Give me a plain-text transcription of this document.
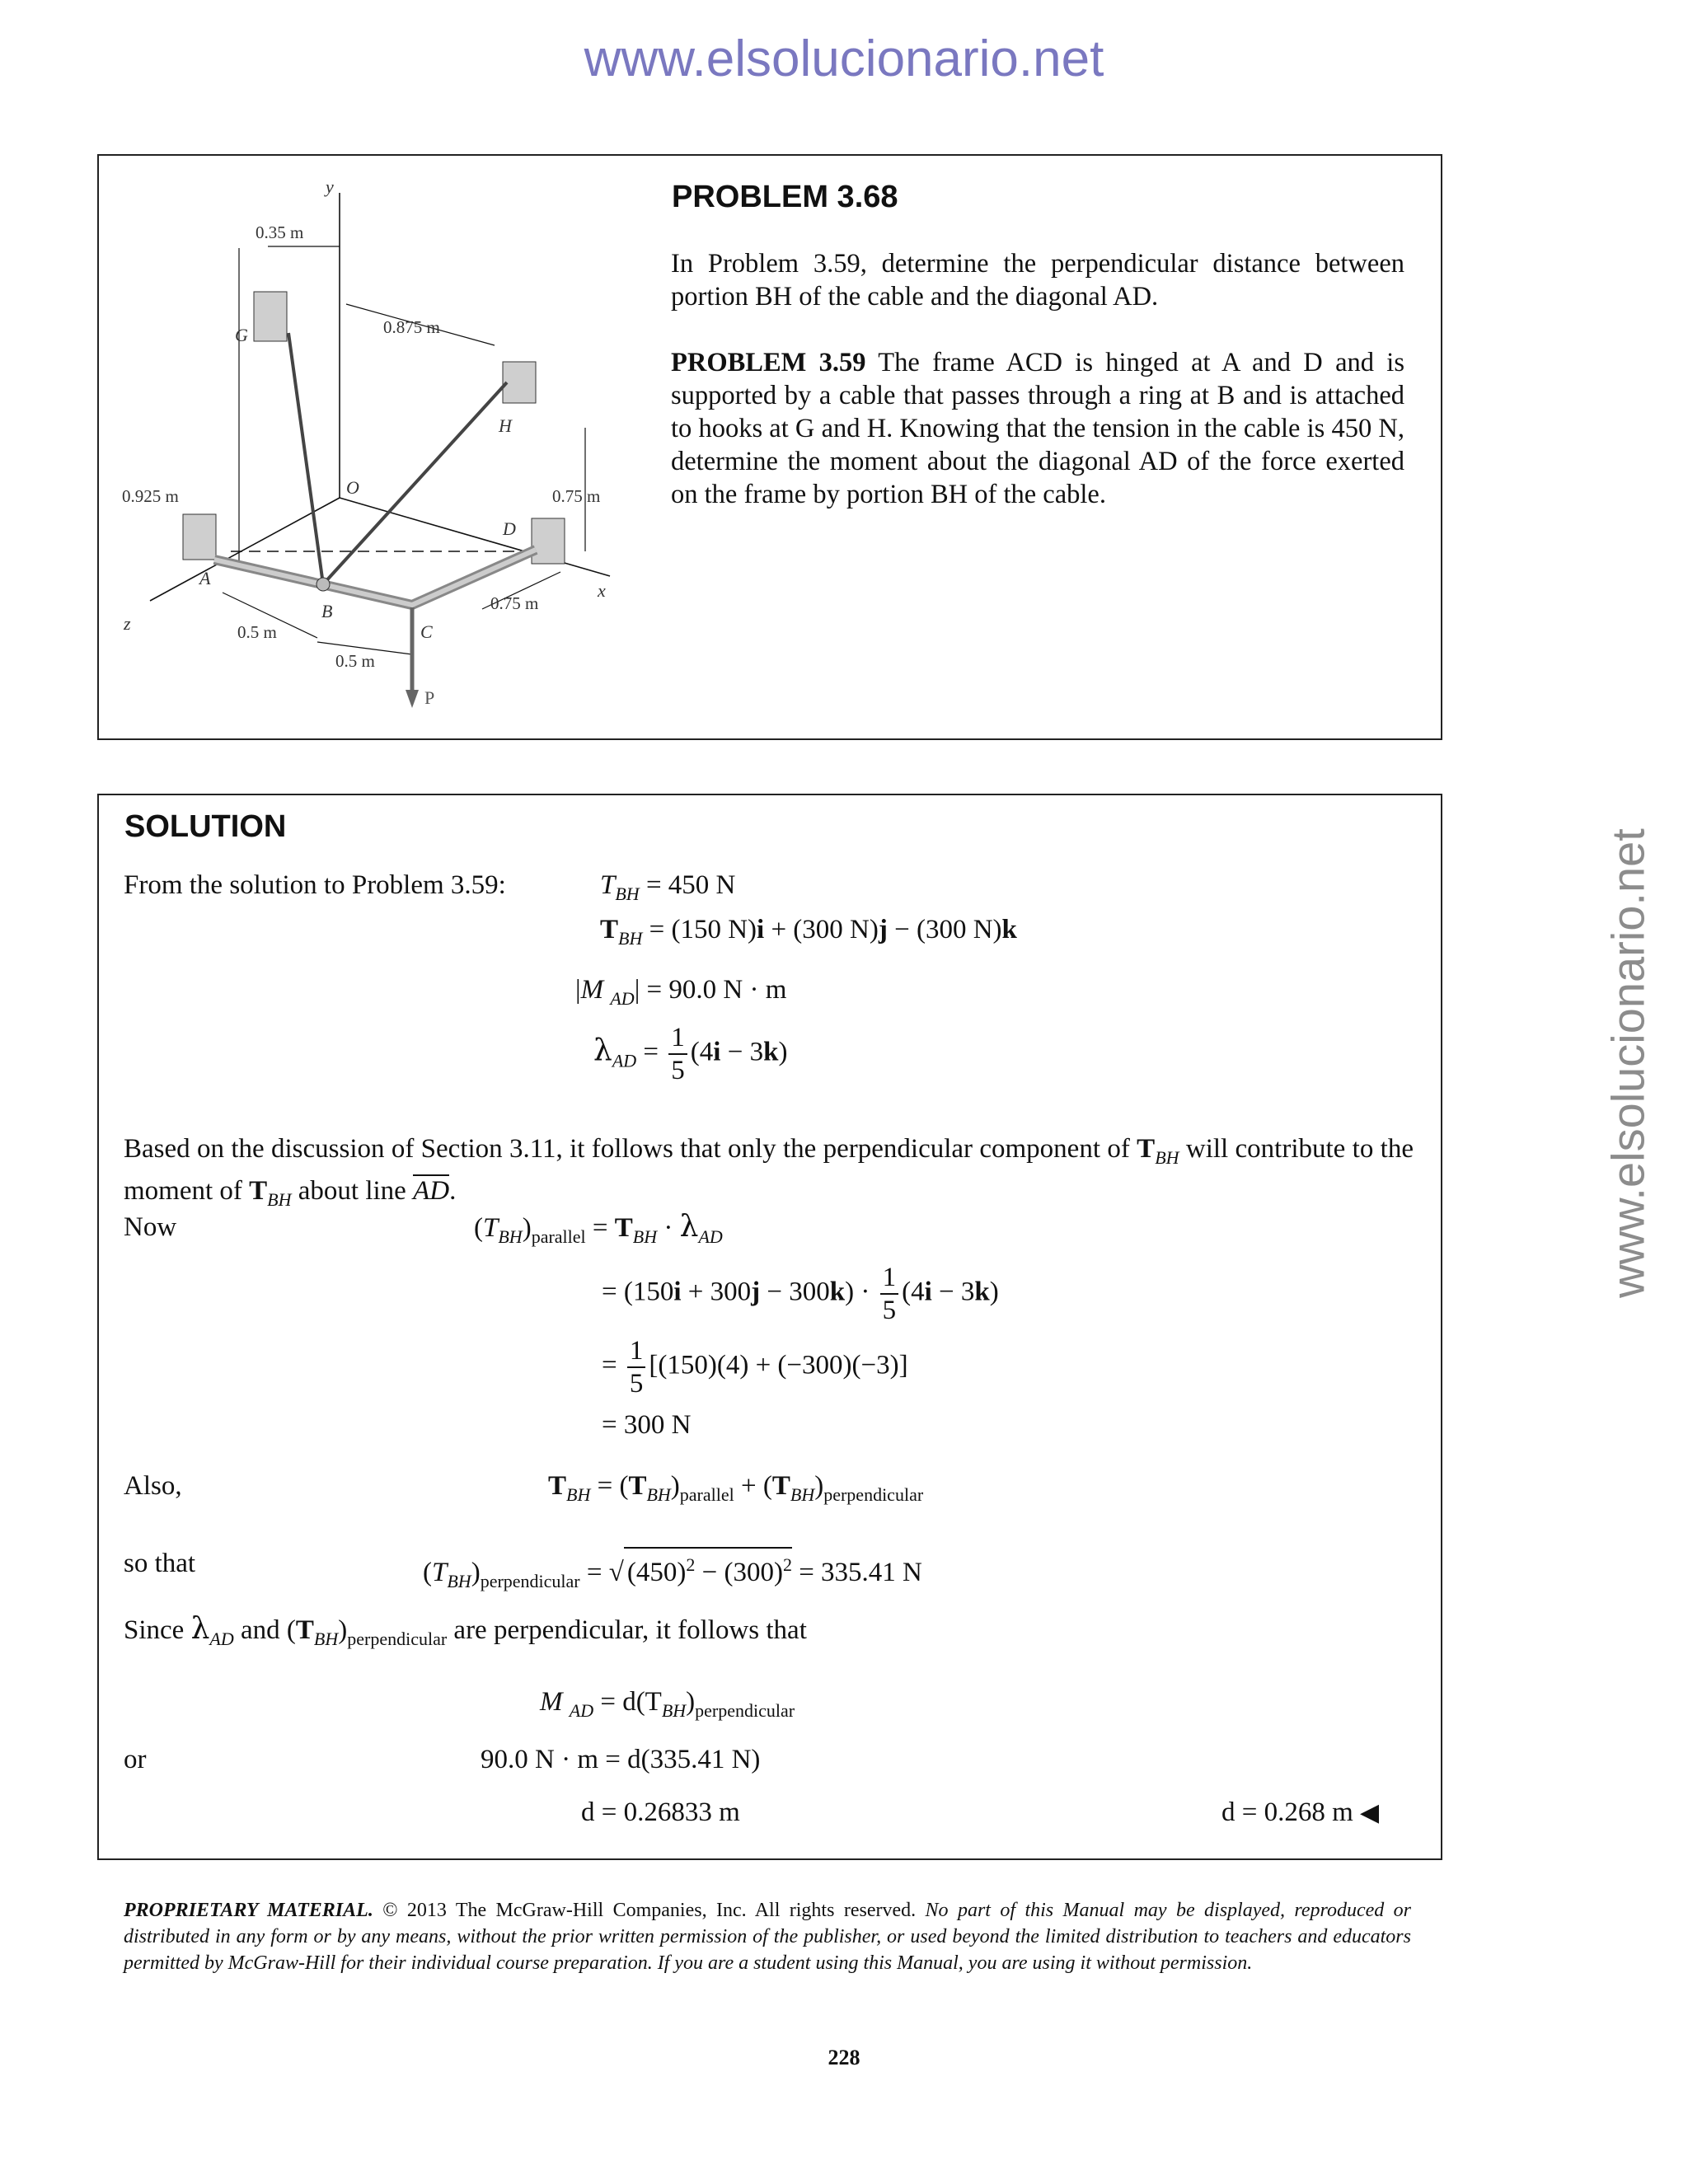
www.elsolucionario.net
www.elsolucionario.net
y
x
z
O
G
H
A
B
C
D
P
0.35 m
0.875 m
0.925 m	0.75 m
0.75 m
0.5 m
0.5 m
PROBLEM 3.68
In Problem 3.59, determine the perpendicular distance between portion BH of the cable and the diagonal AD.
PROBLEM 3.59 The frame ACD is hinged at A and D and is supported by a cable that passes through a ring at B and is attached to hooks at G and H. Knowing that the tension in the cable is 450 N, determine the moment about the diagonal AD of the force exerted on the frame by portion BH of the cable.
SOLUTION
From the solution to Problem 3.59:	$T_{BH} = 450$ N
$T_{BH} = (150$ N)i + (300 N)j − (300 N)k
|M $_{AD}$| = 90.0 N · m
$\lambda_{AD} = \frac{1}{5} (4i - 3k)$
Based on the discussion of Section 3.11, it follows that only the perpendicular component of $T_{BH}$ will contribute to the moment of $T_{BH}$ about line AD.
Now	$(T_{BH})_{parallel} = T_{BH} \cdot \lambda_{AD}$
= $(150i + 300j - 300k) \cdot \frac{1}{5} (4i - 3k)$
= $\frac{1}{5} [(150)(4) + (-300)(-3)]$
= 300 N
Also,	$T_{BH} = (T_{BH})_{parallel} + (T_{BH})_{perpendicular}$
so that	$(T_{BH})_{perpendicular}$ = √ $(450)^2 - (300)^2 = 335.41$ N
Since $\lambda_{AD}$ and $(T_{BH})_{perpendicular}$ are perpendicular, it follows that
M $_{AD} = d(T_{BH})_{perpendicular}$
or	90.0 N · m = d(335.41 N)
d = 0.26833 m	d = 0.268 m ◀
PROPRIETARY MATERIAL. © 2013 The McGraw-Hill Companies, Inc. All rights reserved. No part of this Manual may be displayed, reproduced or distributed in any form or by any means, without the prior written permission of the publisher, or used beyond the limited distribution to teachers and educators permitted by McGraw-Hill for their individual course preparation. If you are a student using this Manual, you are using it without permission.
228
